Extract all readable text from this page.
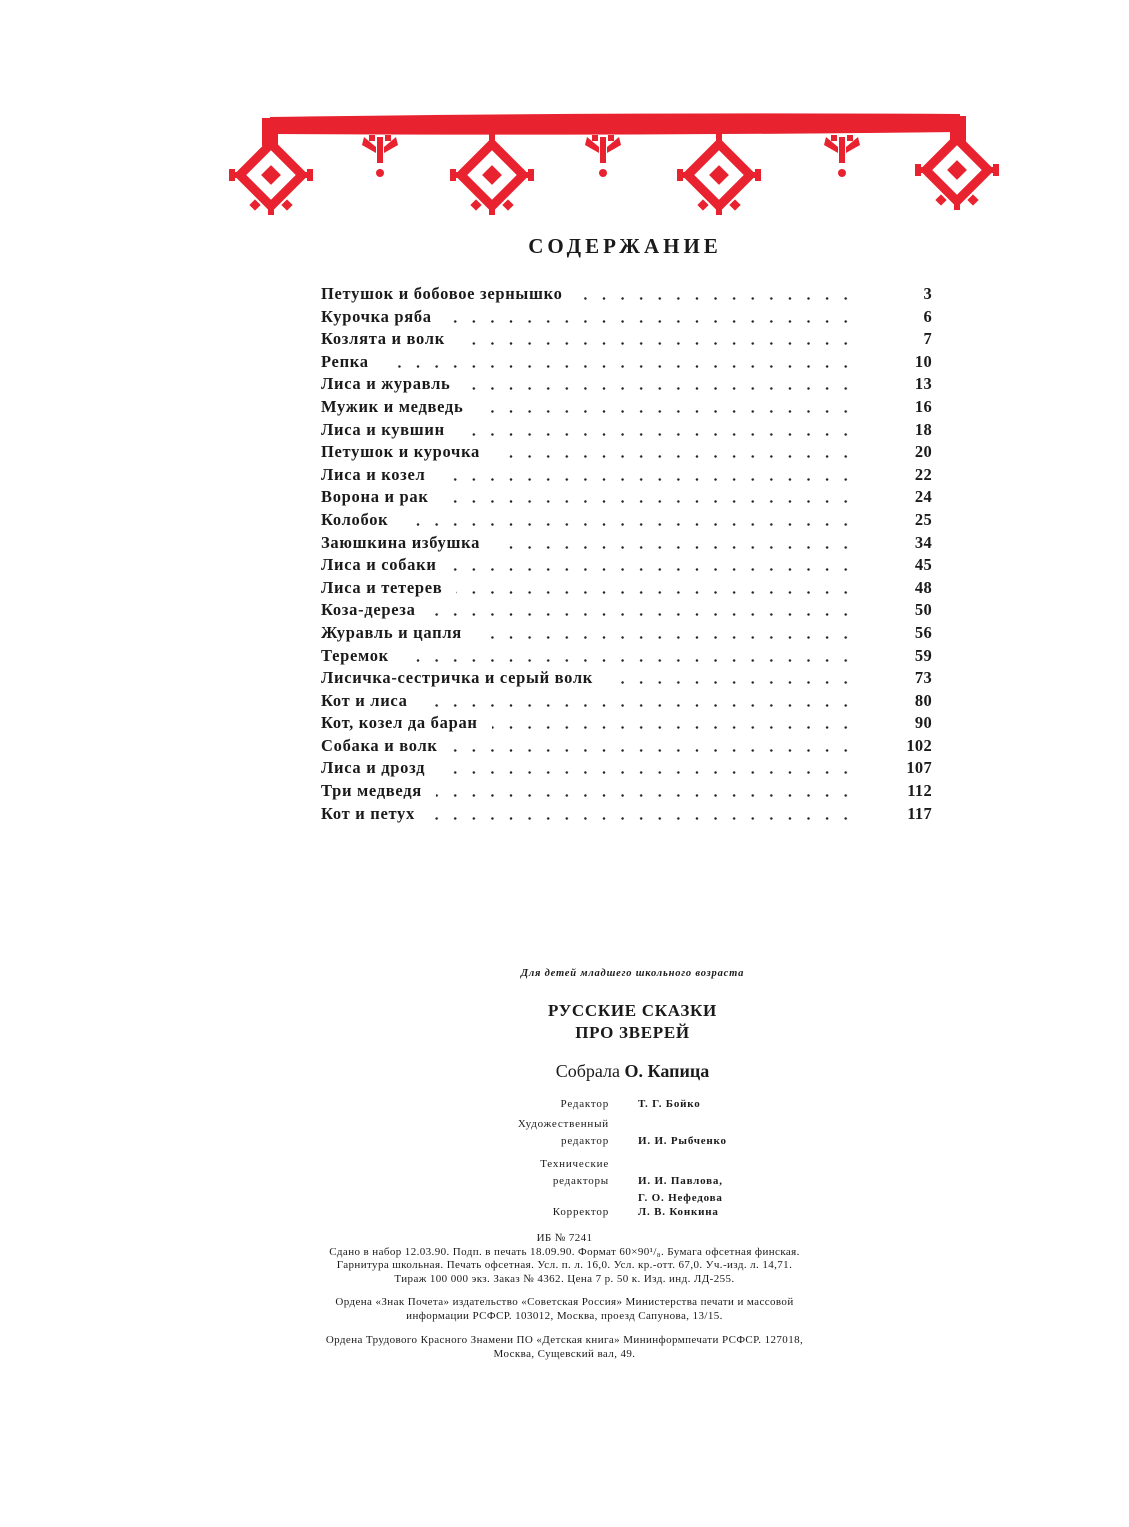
СОДЕРЖАНИЕ
Петушок и бобовое зернышко	3
Курочка ряба	6
Козлята и волк	7
Репка	10
Лиса и журавль	13
Мужик и медведь	16
Лиса и кувшин	18
Петушок и курочка	20
Лиса и козел	22
Ворона и рак	24
Колобок	25
Заюшкина избушка	34
Лиса и собаки	45
Лиса и тетерев	48
Коза-дереза	50
Журавль и цапля	56
Теремок	59
Лисичка-сестричка и серый волк	73
Кот и лиса	80
Кот, козел да баран	90
Собака и волк	102
Лиса и дрозд	107
Три медведя	112
Кот и петух	117
Для детей младшего школьного возраста
РУССКИЕ СКАЗКИ
ПРО ЗВЕРЕЙ
Собрала О. Капица
Редактор	Т. Г. Бойко
Художественный
редактор	И. И. Рыбченко
Технические
редакторы	И. И. Павлова,
Г. О. Нефедова
Корректор	Л. В. Конкина

ИБ № 7241

Сдано в набор 12.03.90. Подп. в печать 18.09.90. Формат 60×90¹/₈. Бумага офсетная финская.

Гарнитура школьная. Печать офсетная. Усл. п. л. 16,0. Усл. кр.-отт. 67,0. Уч.-изд. л. 14,71.

Тираж 100 000 экз. Заказ № 4362. Цена 7 р. 50 к. Изд. инд. ЛД-255.

Ордена «Знак Почета» издательство «Советская Россия» Министерства печати и массовой

информации РСФСР. 103012, Москва, проезд Сапунова, 13/15.

Ордена Трудового Красного Знамени ПО «Детская книга» Мининформпечати РСФСР. 127018,

Москва, Сущевский вал, 49.
